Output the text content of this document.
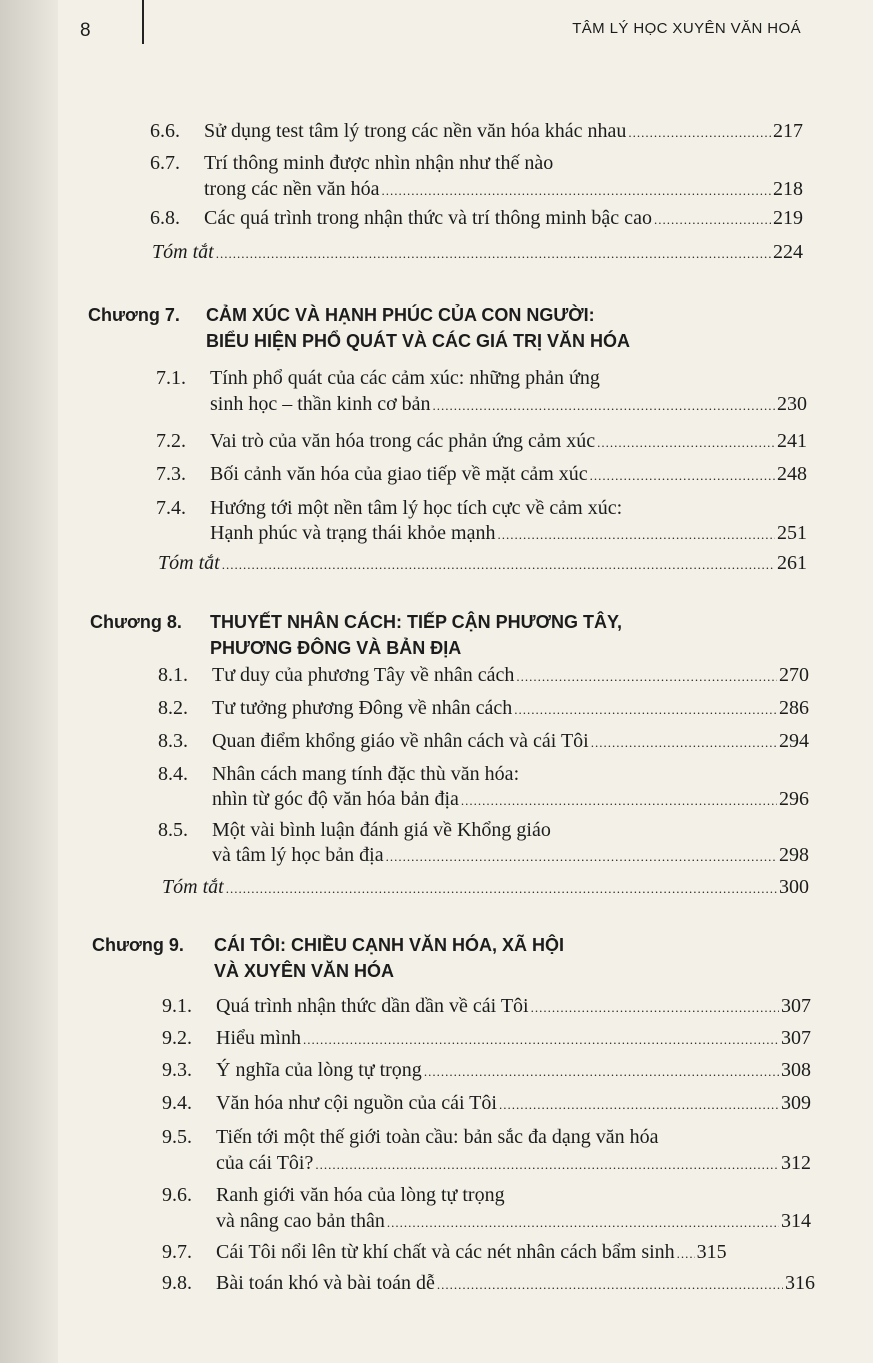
8	TÂM LÝ HỌC XUYÊN VĂN HOÁ
6.6. Sử dụng test tâm lý trong các nền văn hóa khác nhau .....	217
6.7. Trí thông minh được nhìn nhận như thế nào
trong các nền văn hóa .....	218
6.8. Các quá trình trong nhận thức và trí thông minh bậc cao .....	219
Tóm tắt .....	224
Chương 7. CẢM XÚC VÀ HẠNH PHÚC CỦA CON NGƯỜI:
BIỂU HIỆN PHỔ QUÁT VÀ CÁC GIÁ TRỊ VĂN HÓA
7.1. Tính phổ quát của các cảm xúc: những phản ứng
sinh học – thần kinh cơ bản .....	230
7.2. Vai trò của văn hóa trong các phản ứng cảm xúc .....	241
7.3. Bối cảnh văn hóa của giao tiếp về mặt cảm xúc .....	248
7.4. Hướng tới một nền tâm lý học tích cực về cảm xúc:
Hạnh phúc và trạng thái khỏe mạnh .....	251
Tóm tắt .....	261
Chương 8. THUYẾT NHÂN CÁCH: TIẾP CẬN PHƯƠNG TÂY,
PHƯƠNG ĐÔNG VÀ BẢN ĐỊA
8.1. Tư duy của phương Tây về nhân cách .....	270
8.2. Tư tưởng phương Đông về nhân cách .....	286
8.3. Quan điểm khổng giáo về nhân cách và cái Tôi .....	294
8.4. Nhân cách mang tính đặc thù văn hóa:
nhìn từ góc độ văn hóa bản địa .....	296
8.5. Một vài bình luận đánh giá về Khổng giáo
và tâm lý học bản địa .....	298
Tóm tắt .....	300
Chương 9. CÁI TÔI: CHIỀU CẠNH VĂN HÓA, XÃ HỘI
VÀ XUYÊN VĂN HÓA
9.1. Quá trình nhận thức dần dần về cái Tôi .....	307
9.2. Hiểu mình .....	307
9.3. Ý nghĩa của lòng tự trọng .....	308
9.4. Văn hóa như cội nguồn của cái Tôi .....	309
9.5. Tiến tới một thế giới toàn cầu: bản sắc đa dạng văn hóa
của cái Tôi? .....	312
9.6. Ranh giới văn hóa của lòng tự trọng
và nâng cao bản thân .....	314
9.7. Cái Tôi nổi lên từ khí chất và các nét nhân cách bẩm sinh ..... 315
9.8. Bài toán khó và bài toán dễ .....	316
